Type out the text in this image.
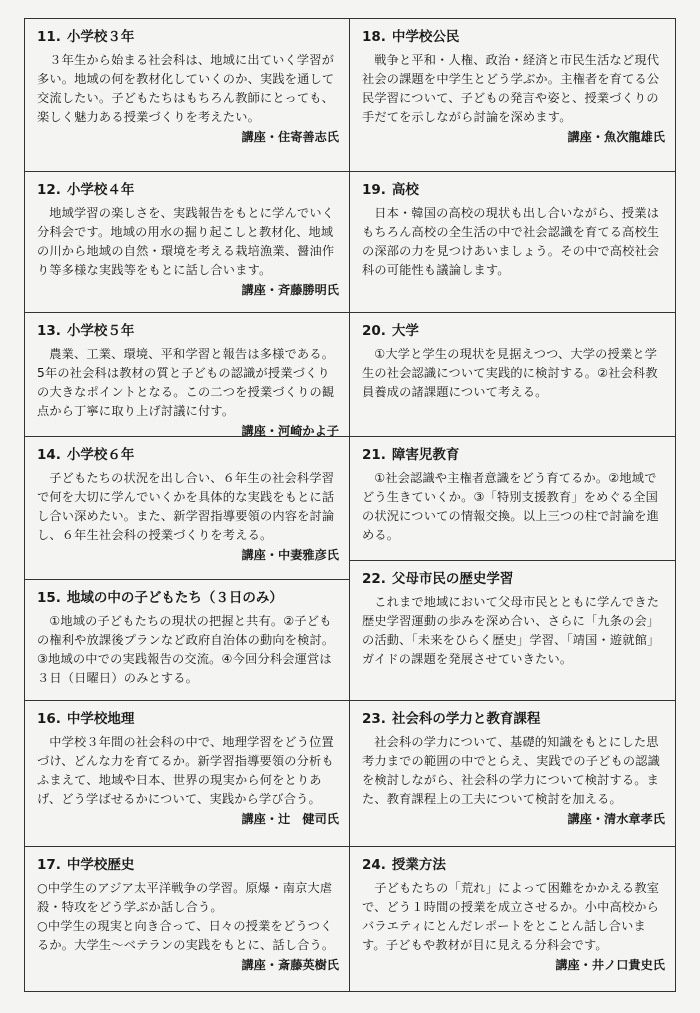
11. 小学校３年

３年生から始まる社会科は、地域に出ていく学習が多い。地域の何を教材化していくのか、実践を通して交流したい。子どもたちはもちろん教師にとっても、楽しく魅力ある授業づくりを考えたい。

講座・住寄善志氏
12. 小学校４年

地域学習の楽しさを、実践報告をもとに学んでいく分科会です。地域の用水の掘り起こしと教材化、地域の川から地域の自然・環境を考える栽培漁業、醤油作り等多様な実践等をもとに話し合います。

講座・斉藤勝明氏
13. 小学校５年

農業、工業、環境、平和学習と報告は多様である。5年の社会科は教材の質と子どもの認識が授業づくりの大きなポイントとなる。この二つを授業づくりの観点から丁寧に取り上げ討議に付す。

講座・河崎かよ子
14. 小学校６年

子どもたちの状況を出し合い、６年生の社会科学習で何を大切に学んでいくかを具体的な実践をもとに話し合い深めたい。また、新学習指導要領の内容を討論し、６年生社会科の授業づくりを考える。

講座・中妻雅彦氏
15. 地域の中の子どもたち（３日のみ）

①地域の子どもたちの現状の把握と共有。②子どもの権利や放課後プランなど政府自治体の動向を検討。③地域の中での実践報告の交流。④今回分科会運営は３日（日曜日）のみとする。

16. 中学校地理

中学校３年間の社会科の中で、地理学習をどう位置づけ、どんな力を育てるか。新学習指導要領の分析もふまえて、地域や日本、世界の現実から何をとりあげ、どう学ばせるかについて、実践から学び合う。

講座・辻　健司氏
17. 中学校歴史

○中学生のアジア太平洋戦争の学習。原爆・南京大虐殺・特攻をどう学ぶか話し合う。
○中学生の現実と向き合って、日々の授業をどうつくるか。大学生〜ベテランの実践をもとに、話し合う。

講座・斎藤英樹氏
18. 中学校公民

戦争と平和・人権、政治・経済と市民生活など現代社会の課題を中学生とどう学ぶか。主権者を育てる公民学習について、子どもの発言や姿と、授業づくりの手だてを示しながら討論を深めます。

講座・魚次龍雄氏
19. 高校

日本・韓国の高校の現状も出し合いながら、授業はもちろん高校の全生活の中で社会認識を育てる高校生の深部の力を見つけあいましょう。その中で高校社会科の可能性も議論します。

20. 大学

①大学と学生の現状を見据えつつ、大学の授業と学生の社会認識について実践的に検討する。②社会科教員養成の諸課題について考える。

21. 障害児教育

①社会認識や主権者意識をどう育てるか。②地域でどう生きていくか。③「特別支援教育」をめぐる全国の状況についての情報交換。以上三つの柱で討論を進める。

22. 父母市民の歴史学習

これまで地域において父母市民とともに学んできた歴史学習運動の歩みを深め合い、さらに「九条の会」の活動、「未来をひらく歴史」学習、「靖国・遊就館」ガイドの課題を発展させていきたい。

23. 社会科の学力と教育課程

社会科の学力について、基礎的知識をもとにした思考力までの範囲の中でとらえ、実践での子どもの認識を検討しながら、社会科の学力について検討する。また、教育課程上の工夫について検討を加える。

講座・清水章孝氏
24. 授業方法

子どもたちの「荒れ」によって困難をかかえる教室で、どう１時間の授業を成立させるか。小中高校からバラエティにとんだレポートをとことん話し合います。子どもや教材が目に見える分科会です。

講座・井ノ口貴史氏
